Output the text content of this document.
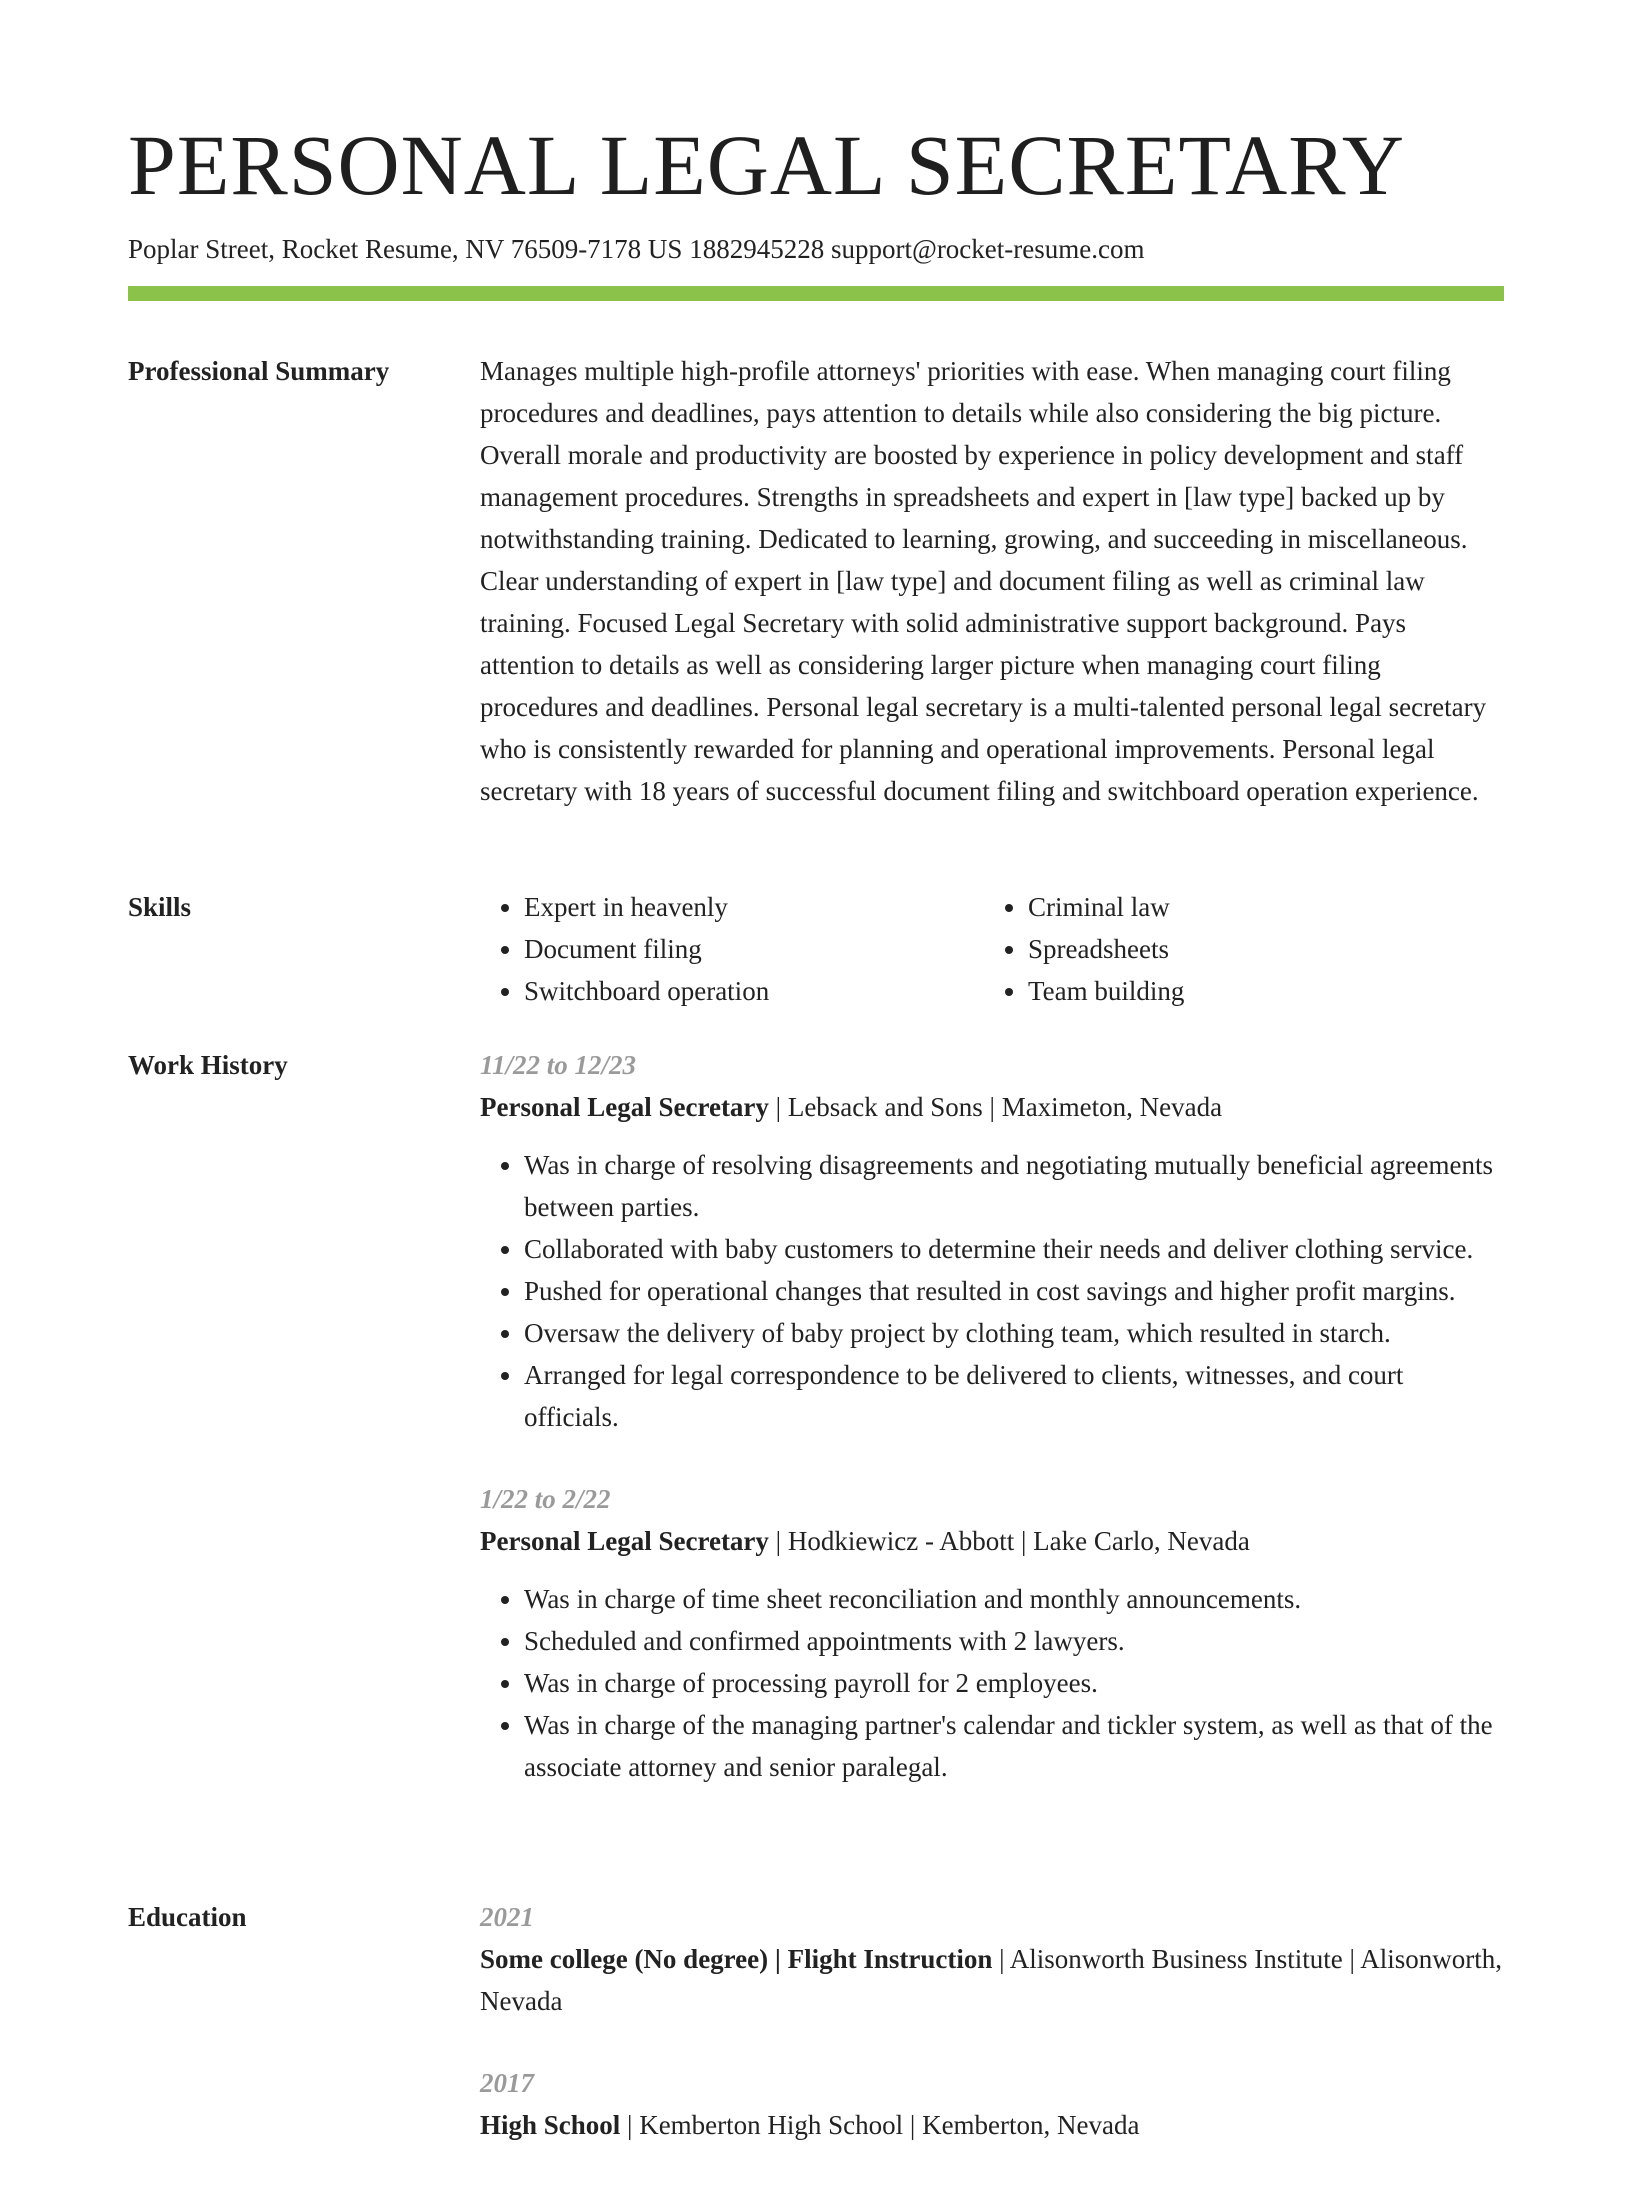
PERSONAL LEGAL SECRETARY
Poplar Street, Rocket Resume, NV 76509-7178 US 1882945228 support@rocket-resume.com
Professional Summary	Manages multiple high-profile attorneys' priorities with ease. When managing court filing procedures and deadlines, pays attention to details while also considering the big picture. Overall morale and productivity are boosted by experience in policy development and staff management procedures. Strengths in spreadsheets and expert in [law type] backed up by notwithstanding training. Dedicated to learning, growing, and succeeding in miscellaneous. Clear understanding of expert in [law type] and document filing as well as criminal law training. Focused Legal Secretary with solid administrative support background. Pays attention to details as well as considering larger picture when managing court filing procedures and deadlines. Personal legal secretary is a multi-talented personal legal secretary who is consistently rewarded for planning and operational improvements. Personal legal secretary with 18 years of successful document filing and switchboard operation experience.

Skills
•	Expert in heavenly
• Document filing
• Switchboard operation
• Criminal law
• Spreadsheets
• Team building
Work History	11/22 to 12/23
Personal Legal Secretary | Lebsack and Sons | Maximeton, Nevada
• Was in charge of resolving disagreements and negotiating mutually beneficial agreements between parties.
• Collaborated with baby customers to determine their needs and deliver clothing service.
• Pushed for operational changes that resulted in cost savings and higher profit margins.
• Oversaw the delivery of baby project by clothing team, which resulted in starch.
• Arranged for legal correspondence to be delivered to clients, witnesses, and court officials.
1/22 to 2/22
Personal Legal Secretary | Hodkiewicz - Abbott | Lake Carlo, Nevada
• Was in charge of time sheet reconciliation and monthly announcements.
• Scheduled and confirmed appointments with 2 lawyers.
• Was in charge of processing payroll for 2 employees.
• Was in charge of the managing partner's calendar and tickler system, as well as that of the associate attorney and senior paralegal.
Education	2021
Some college (No degree) | Flight Instruction | Alisonworth Business Institute | Alisonworth, Nevada
2017
High School | Kemberton High School | Kemberton, Nevada
